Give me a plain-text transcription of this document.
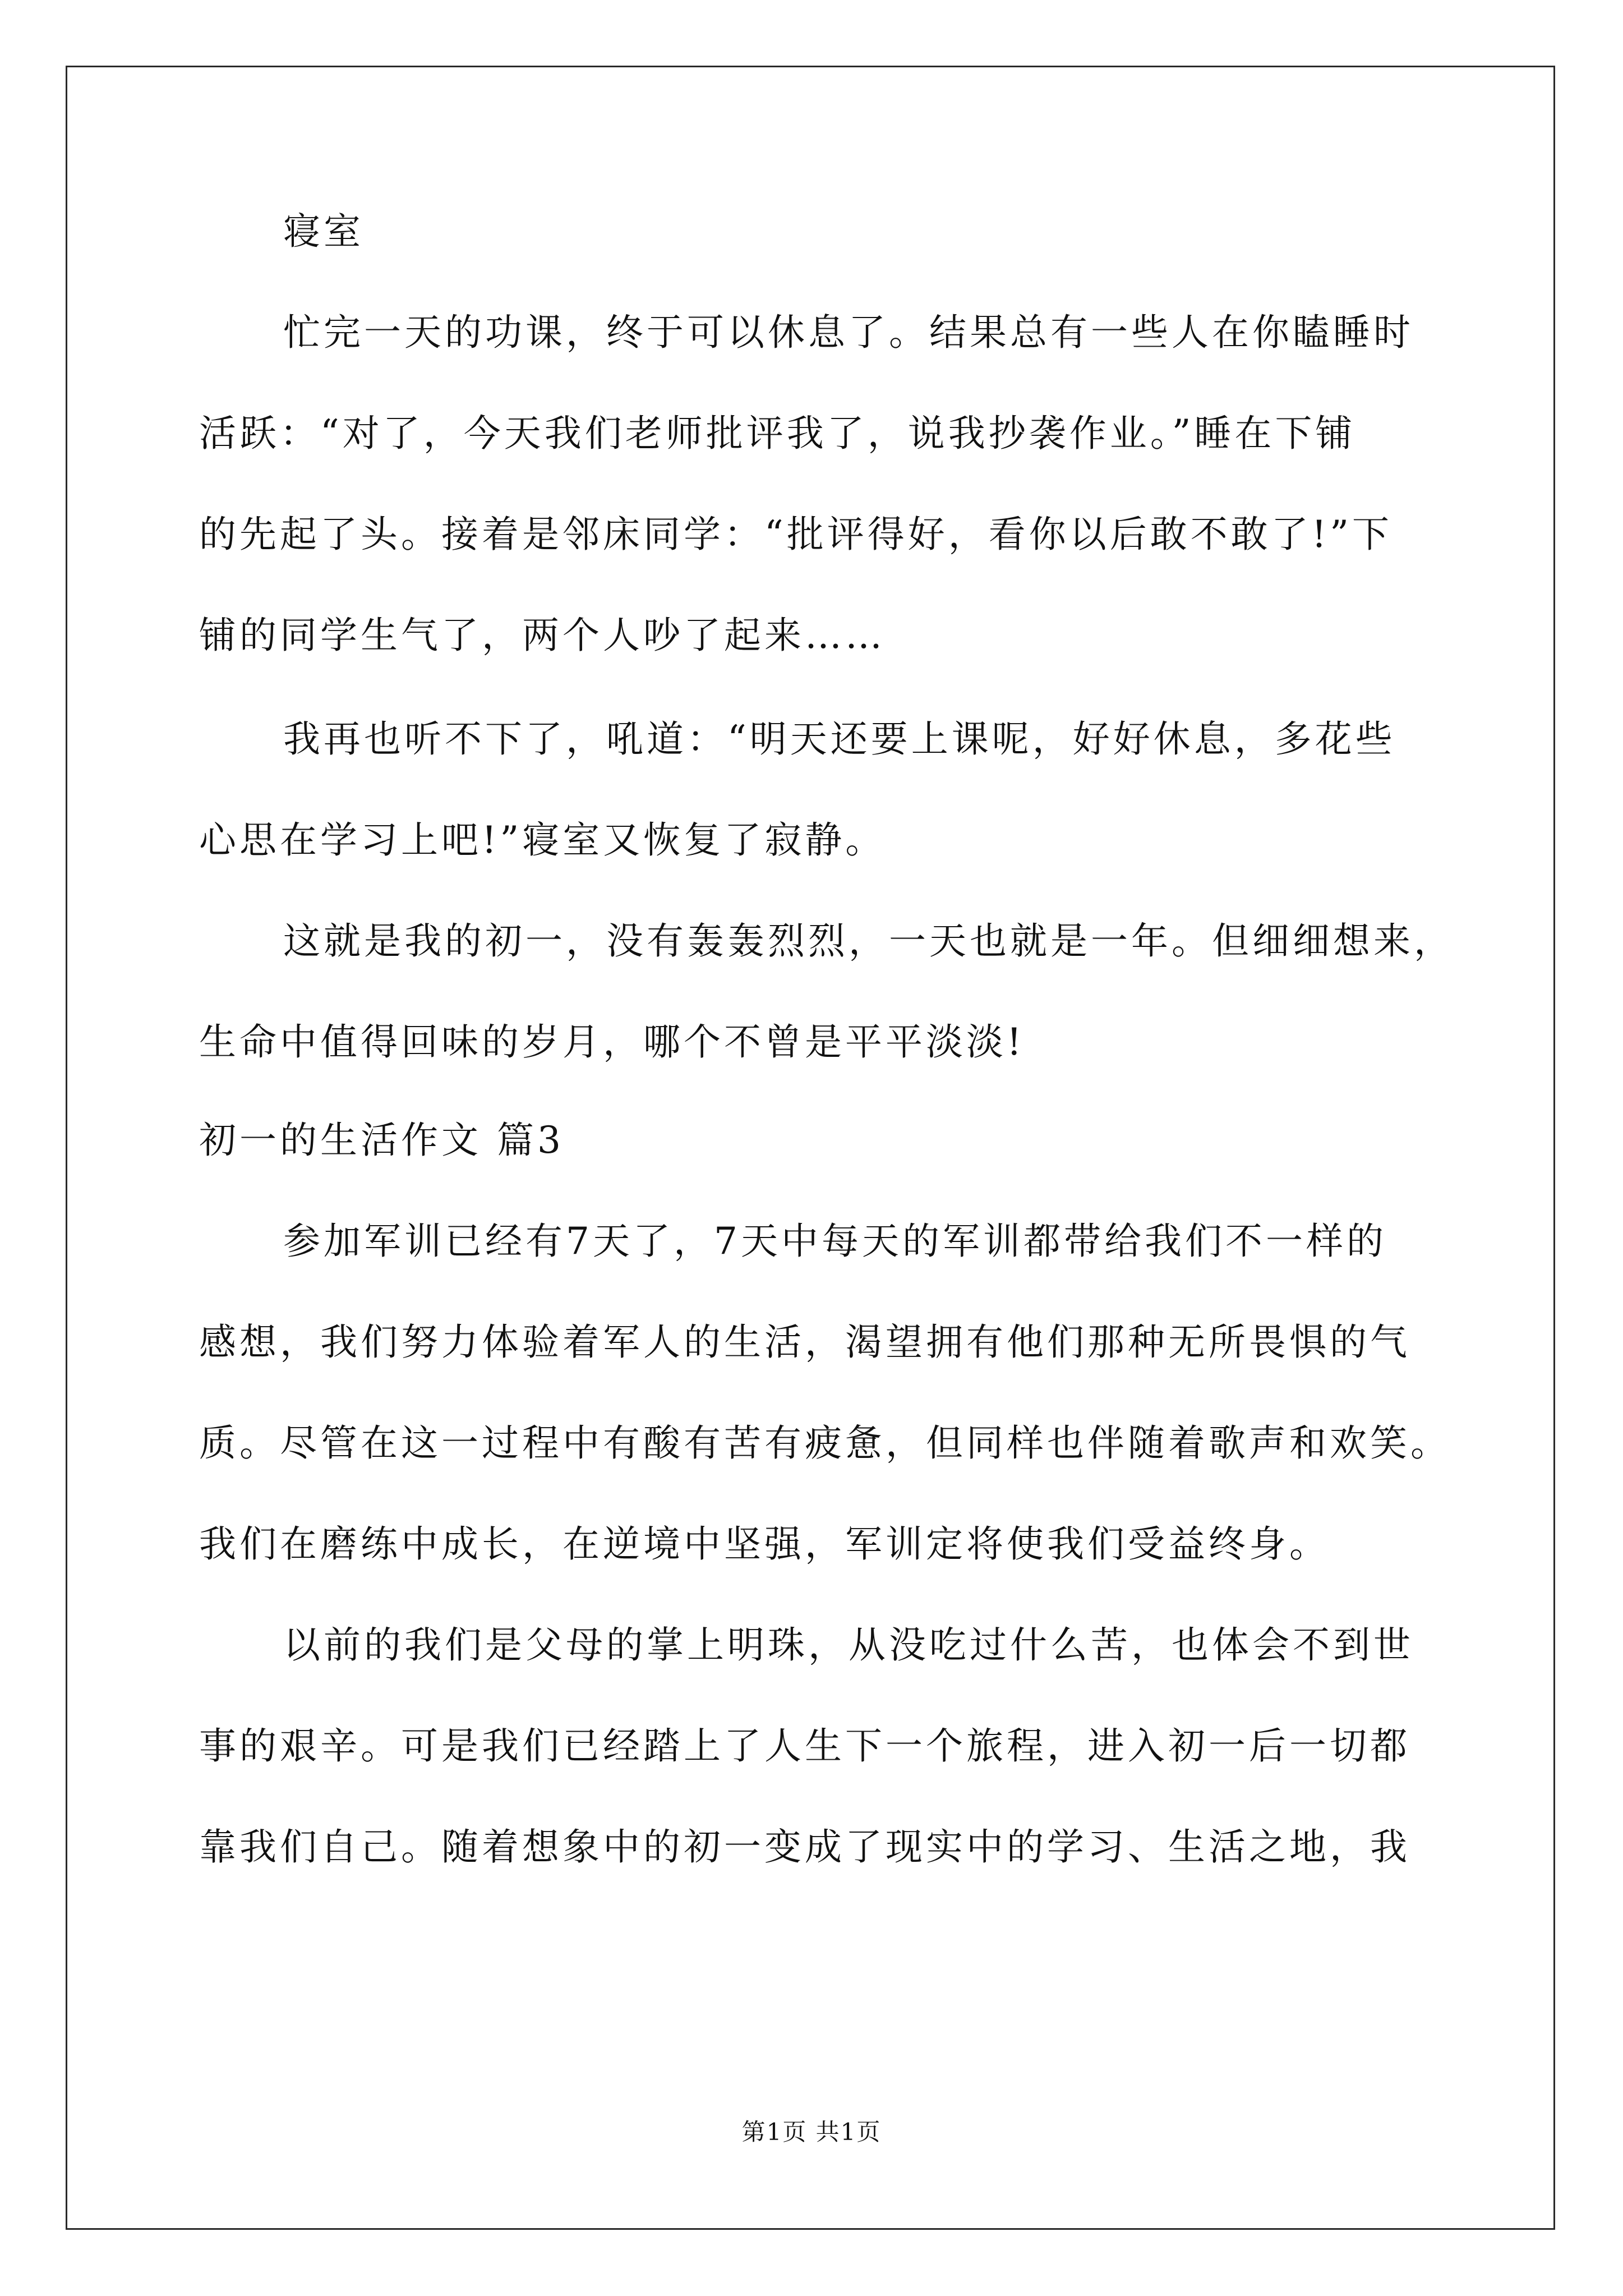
寝室
忙完一天的功课，终于可以休息了。结果总有一些人在你瞌睡时
活跃：“对了，今天我们老师批评我了，说我抄袭作业。”睡在下铺
的先起了头。接着是邻床同学：“批评得好，看你以后敢不敢了!”下
铺的同学生气了，两个人吵了起来……
我再也听不下了，吼道：“明天还要上课呢，好好休息，多花些
心思在学习上吧!”寝室又恢复了寂静。
这就是我的初一，没有轰轰烈烈，一天也就是一年。但细细想来，
生命中值得回味的岁月，哪个不曾是平平淡淡!
初一的生活作文 篇3
参加军训已经有7天了，7天中每天的军训都带给我们不一样的
感想，我们努力体验着军人的生活，渴望拥有他们那种无所畏惧的气
质。尽管在这一过程中有酸有苦有疲惫，但同样也伴随着歌声和欢笑。
我们在磨练中成长，在逆境中坚强，军训定将使我们受益终身。
以前的我们是父母的掌上明珠，从没吃过什么苦，也体会不到世
事的艰辛。可是我们已经踏上了人生下一个旅程，进入初一后一切都
靠我们自己。随着想象中的初一变成了现实中的学习、生活之地，我
第1页 共1页
